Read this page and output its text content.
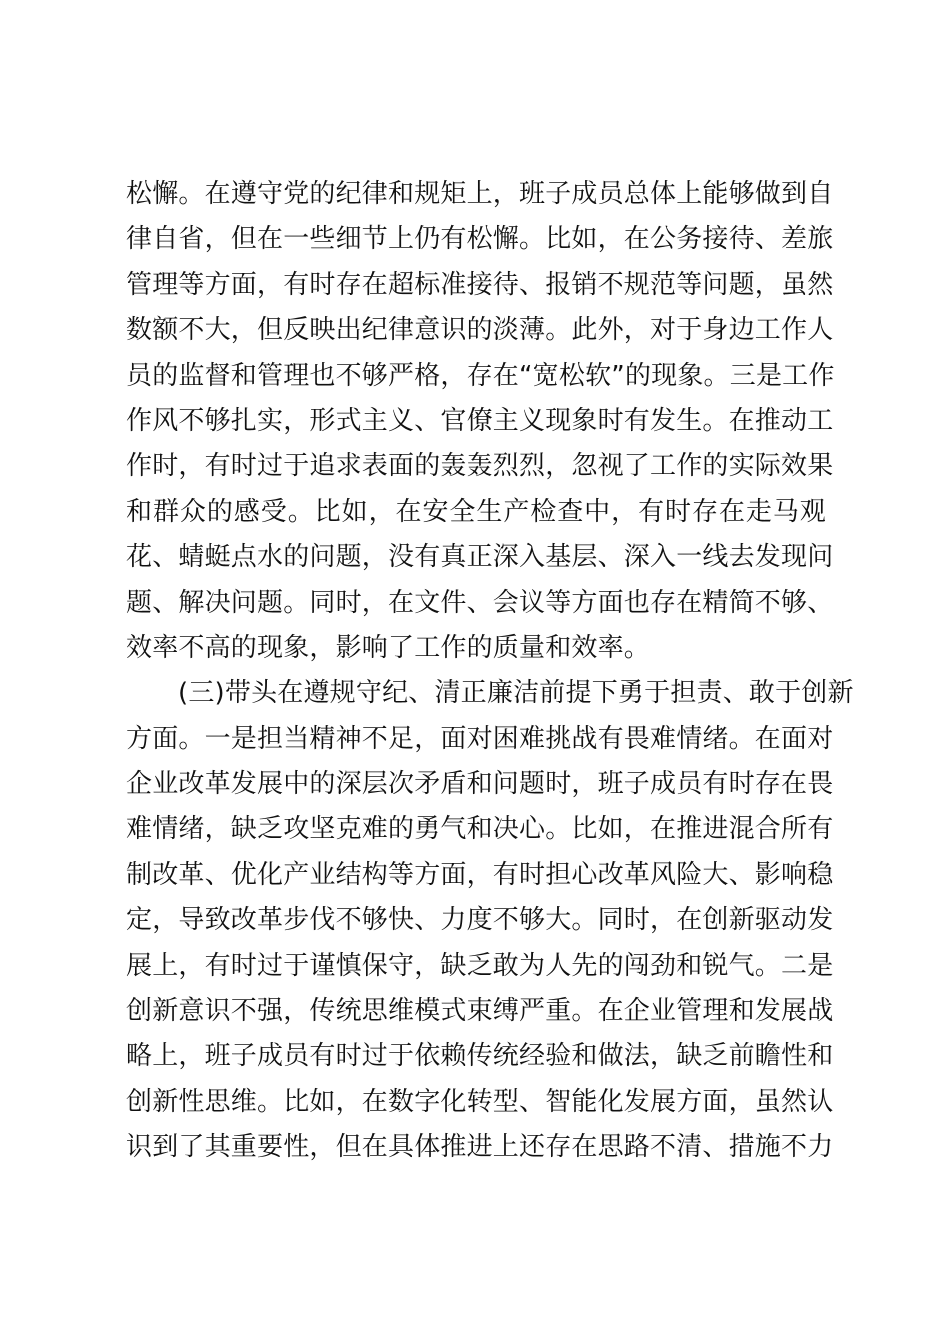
松懈。在遵守党的纪律和规矩上，班子成员总体上能够做到自
律自省，但在一些细节上仍有松懈。比如，在公务接待、差旅
管理等方面，有时存在超标准接待、报销不规范等问题，虽然
数额不大，但反映出纪律意识的淡薄。此外，对于身边工作人
员的监督和管理也不够严格，存在“宽松软”的现象。三是工作
作风不够扎实，形式主义、官僚主义现象时有发生。在推动工
作时，有时过于追求表面的轰轰烈烈，忽视了工作的实际效果
和群众的感受。比如，在安全生产检查中，有时存在走马观
花、蜻蜓点水的问题，没有真正深入基层、深入一线去发现问
题、解决问题。同时，在文件、会议等方面也存在精简不够、
效率不高的现象，影响了工作的质量和效率。
(三)带头在遵规守纪、清正廉洁前提下勇于担责、敢于创新
方面。一是担当精神不足，面对困难挑战有畏难情绪。在面对
企业改革发展中的深层次矛盾和问题时，班子成员有时存在畏
难情绪，缺乏攻坚克难的勇气和决心。比如，在推进混合所有
制改革、优化产业结构等方面，有时担心改革风险大、影响稳
定，导致改革步伐不够快、力度不够大。同时，在创新驱动发
展上，有时过于谨慎保守，缺乏敢为人先的闯劲和锐气。二是
创新意识不强，传统思维模式束缚严重。在企业管理和发展战
略上，班子成员有时过于依赖传统经验和做法，缺乏前瞻性和
创新性思维。比如，在数字化转型、智能化发展方面，虽然认
识到了其重要性，但在具体推进上还存在思路不清、措施不力
